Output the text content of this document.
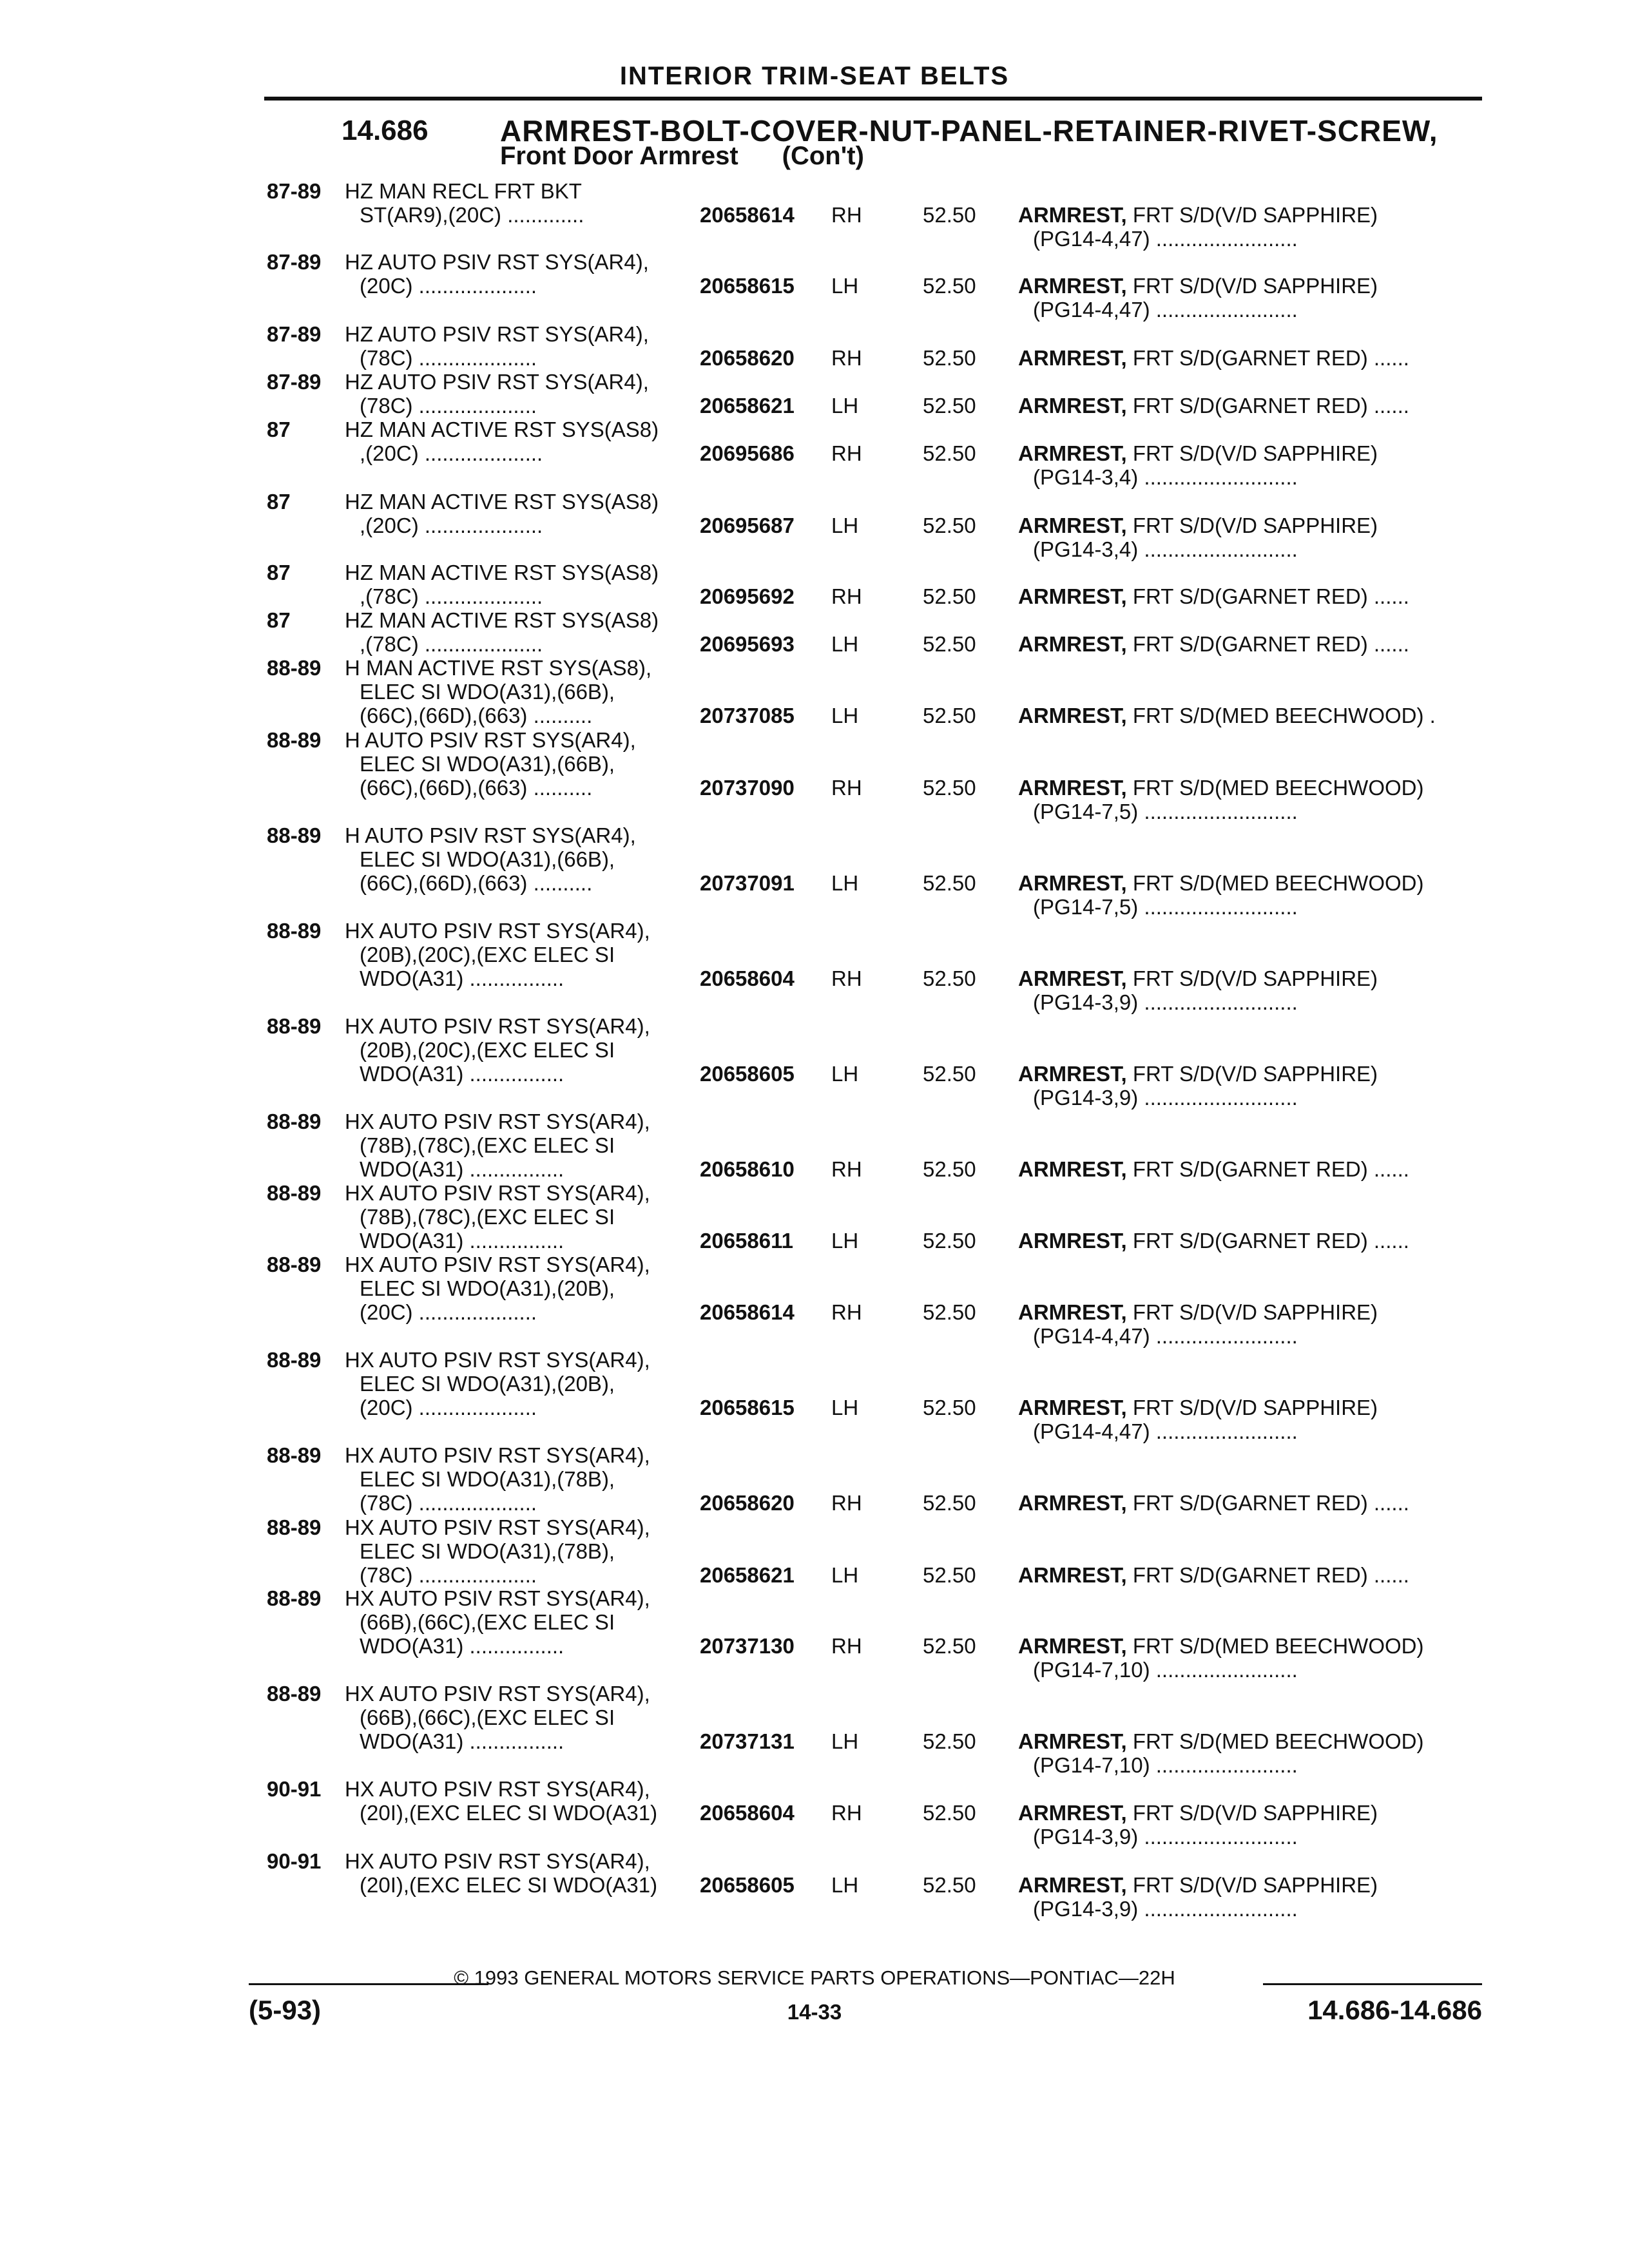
INTERIOR TRIM-SEAT BELTS
14.686 ARMREST-BOLT-COVER-NUT-PANEL-RETAINER-RIVET-SCREW,
Front Door Armrest (Con't)
87-89 HZ MAN RECL FRT BKT
ST(AR9),(20C) .............	20658614 RH	52.50 ARMREST, FRT S/D(V/D SAPPHIRE)
(PG14-4,47) ........................
87-89 HZ AUTO PSIV RST SYS(AR4),
(20C) ....................	20658615 LH	52.50 ARMREST, FRT S/D(V/D SAPPHIRE)
(PG14-4,47) ........................
87-89 HZ AUTO PSIV RST SYS(AR4),
(78C) ....................	20658620 RH	52.50 ARMREST, FRT S/D(GARNET RED) ......
87-89 HZ AUTO PSIV RST SYS(AR4),
(78C) ....................	20658621 LH	52.50 ARMREST, FRT S/D(GARNET RED) ......
87	HZ MAN ACTIVE RST SYS(AS8)
,(20C) ....................	20695686 RH	52.50 ARMREST, FRT S/D(V/D SAPPHIRE)
(PG14-3,4) ..........................
87	HZ MAN ACTIVE RST SYS(AS8)
,(20C) ....................	20695687 LH	52.50 ARMREST, FRT S/D(V/D SAPPHIRE)
(PG14-3,4) ..........................
87	HZ MAN ACTIVE RST SYS(AS8)
,(78C) ....................	20695692 RH	52.50 ARMREST, FRT S/D(GARNET RED) ......
87	HZ MAN ACTIVE RST SYS(AS8)
,(78C) ....................	20695693 LH	52.50 ARMREST, FRT S/D(GARNET RED) ......
88-89 H MAN ACTIVE RST SYS(AS8),
ELEC SI WDO(A31),(66B),
(66C),(66D),(663) ..........	20737085 LH	52.50 ARMREST, FRT S/D(MED BEECHWOOD) .
88-89 H AUTO PSIV RST SYS(AR4),
ELEC SI WDO(A31),(66B),
(66C),(66D),(663) ..........	20737090 RH	52.50 ARMREST, FRT S/D(MED BEECHWOOD)
(PG14-7,5) ..........................
88-89 H AUTO PSIV RST SYS(AR4),
ELEC SI WDO(A31),(66B),
(66C),(66D),(663) ..........	20737091 LH	52.50 ARMREST, FRT S/D(MED BEECHWOOD)
(PG14-7,5) ..........................
88-89 HX AUTO PSIV RST SYS(AR4),
(20B),(20C),(EXC ELEC SI
WDO(A31) ................	20658604 RH	52.50 ARMREST, FRT S/D(V/D SAPPHIRE)
(PG14-3,9) ..........................
88-89 HX AUTO PSIV RST SYS(AR4),
(20B),(20C),(EXC ELEC SI
WDO(A31) ................	20658605 LH	52.50 ARMREST, FRT S/D(V/D SAPPHIRE)
(PG14-3,9) ..........................
88-89 HX AUTO PSIV RST SYS(AR4),
(78B),(78C),(EXC ELEC SI
WDO(A31) ................	20658610 RH	52.50 ARMREST, FRT S/D(GARNET RED) ......
88-89 HX AUTO PSIV RST SYS(AR4),
(78B),(78C),(EXC ELEC SI
WDO(A31) ................	20658611 LH	52.50 ARMREST, FRT S/D(GARNET RED) ......
88-89 HX AUTO PSIV RST SYS(AR4),
ELEC SI WDO(A31),(20B),
(20C) ....................	20658614 RH	52.50 ARMREST, FRT S/D(V/D SAPPHIRE)
(PG14-4,47) ........................
88-89 HX AUTO PSIV RST SYS(AR4),
ELEC SI WDO(A31),(20B),
(20C) ....................	20658615 LH	52.50 ARMREST, FRT S/D(V/D SAPPHIRE)
(PG14-4,47) ........................
88-89 HX AUTO PSIV RST SYS(AR4),
ELEC SI WDO(A31),(78B),
(78C) ....................	20658620 RH	52.50 ARMREST, FRT S/D(GARNET RED) ......
88-89 HX AUTO PSIV RST SYS(AR4),
ELEC SI WDO(A31),(78B),
(78C) ....................	20658621 LH	52.50 ARMREST, FRT S/D(GARNET RED) ......
88-89 HX AUTO PSIV RST SYS(AR4),
(66B),(66C),(EXC ELEC SI
WDO(A31) ................	20737130 RH	52.50 ARMREST, FRT S/D(MED BEECHWOOD)
(PG14-7,10) ........................
88-89 HX AUTO PSIV RST SYS(AR4),
(66B),(66C),(EXC ELEC SI
WDO(A31) ................	20737131 LH	52.50 ARMREST, FRT S/D(MED BEECHWOOD)
(PG14-7,10) ........................
90-91 HX AUTO PSIV RST SYS(AR4),
(20I),(EXC ELEC SI WDO(A31) 20658604 RH	52.50 ARMREST, FRT S/D(V/D SAPPHIRE)
(PG14-3,9) ..........................
90-91 HX AUTO PSIV RST SYS(AR4),
(20I),(EXC ELEC SI WDO(A31) 20658605 LH	52.50 ARMREST, FRT S/D(V/D SAPPHIRE)
(PG14-3,9) ..........................
© 1993 GENERAL MOTORS SERVICE PARTS OPERATIONS—PONTIAC—22H
(5-93)	14-33	14.686-14.686
